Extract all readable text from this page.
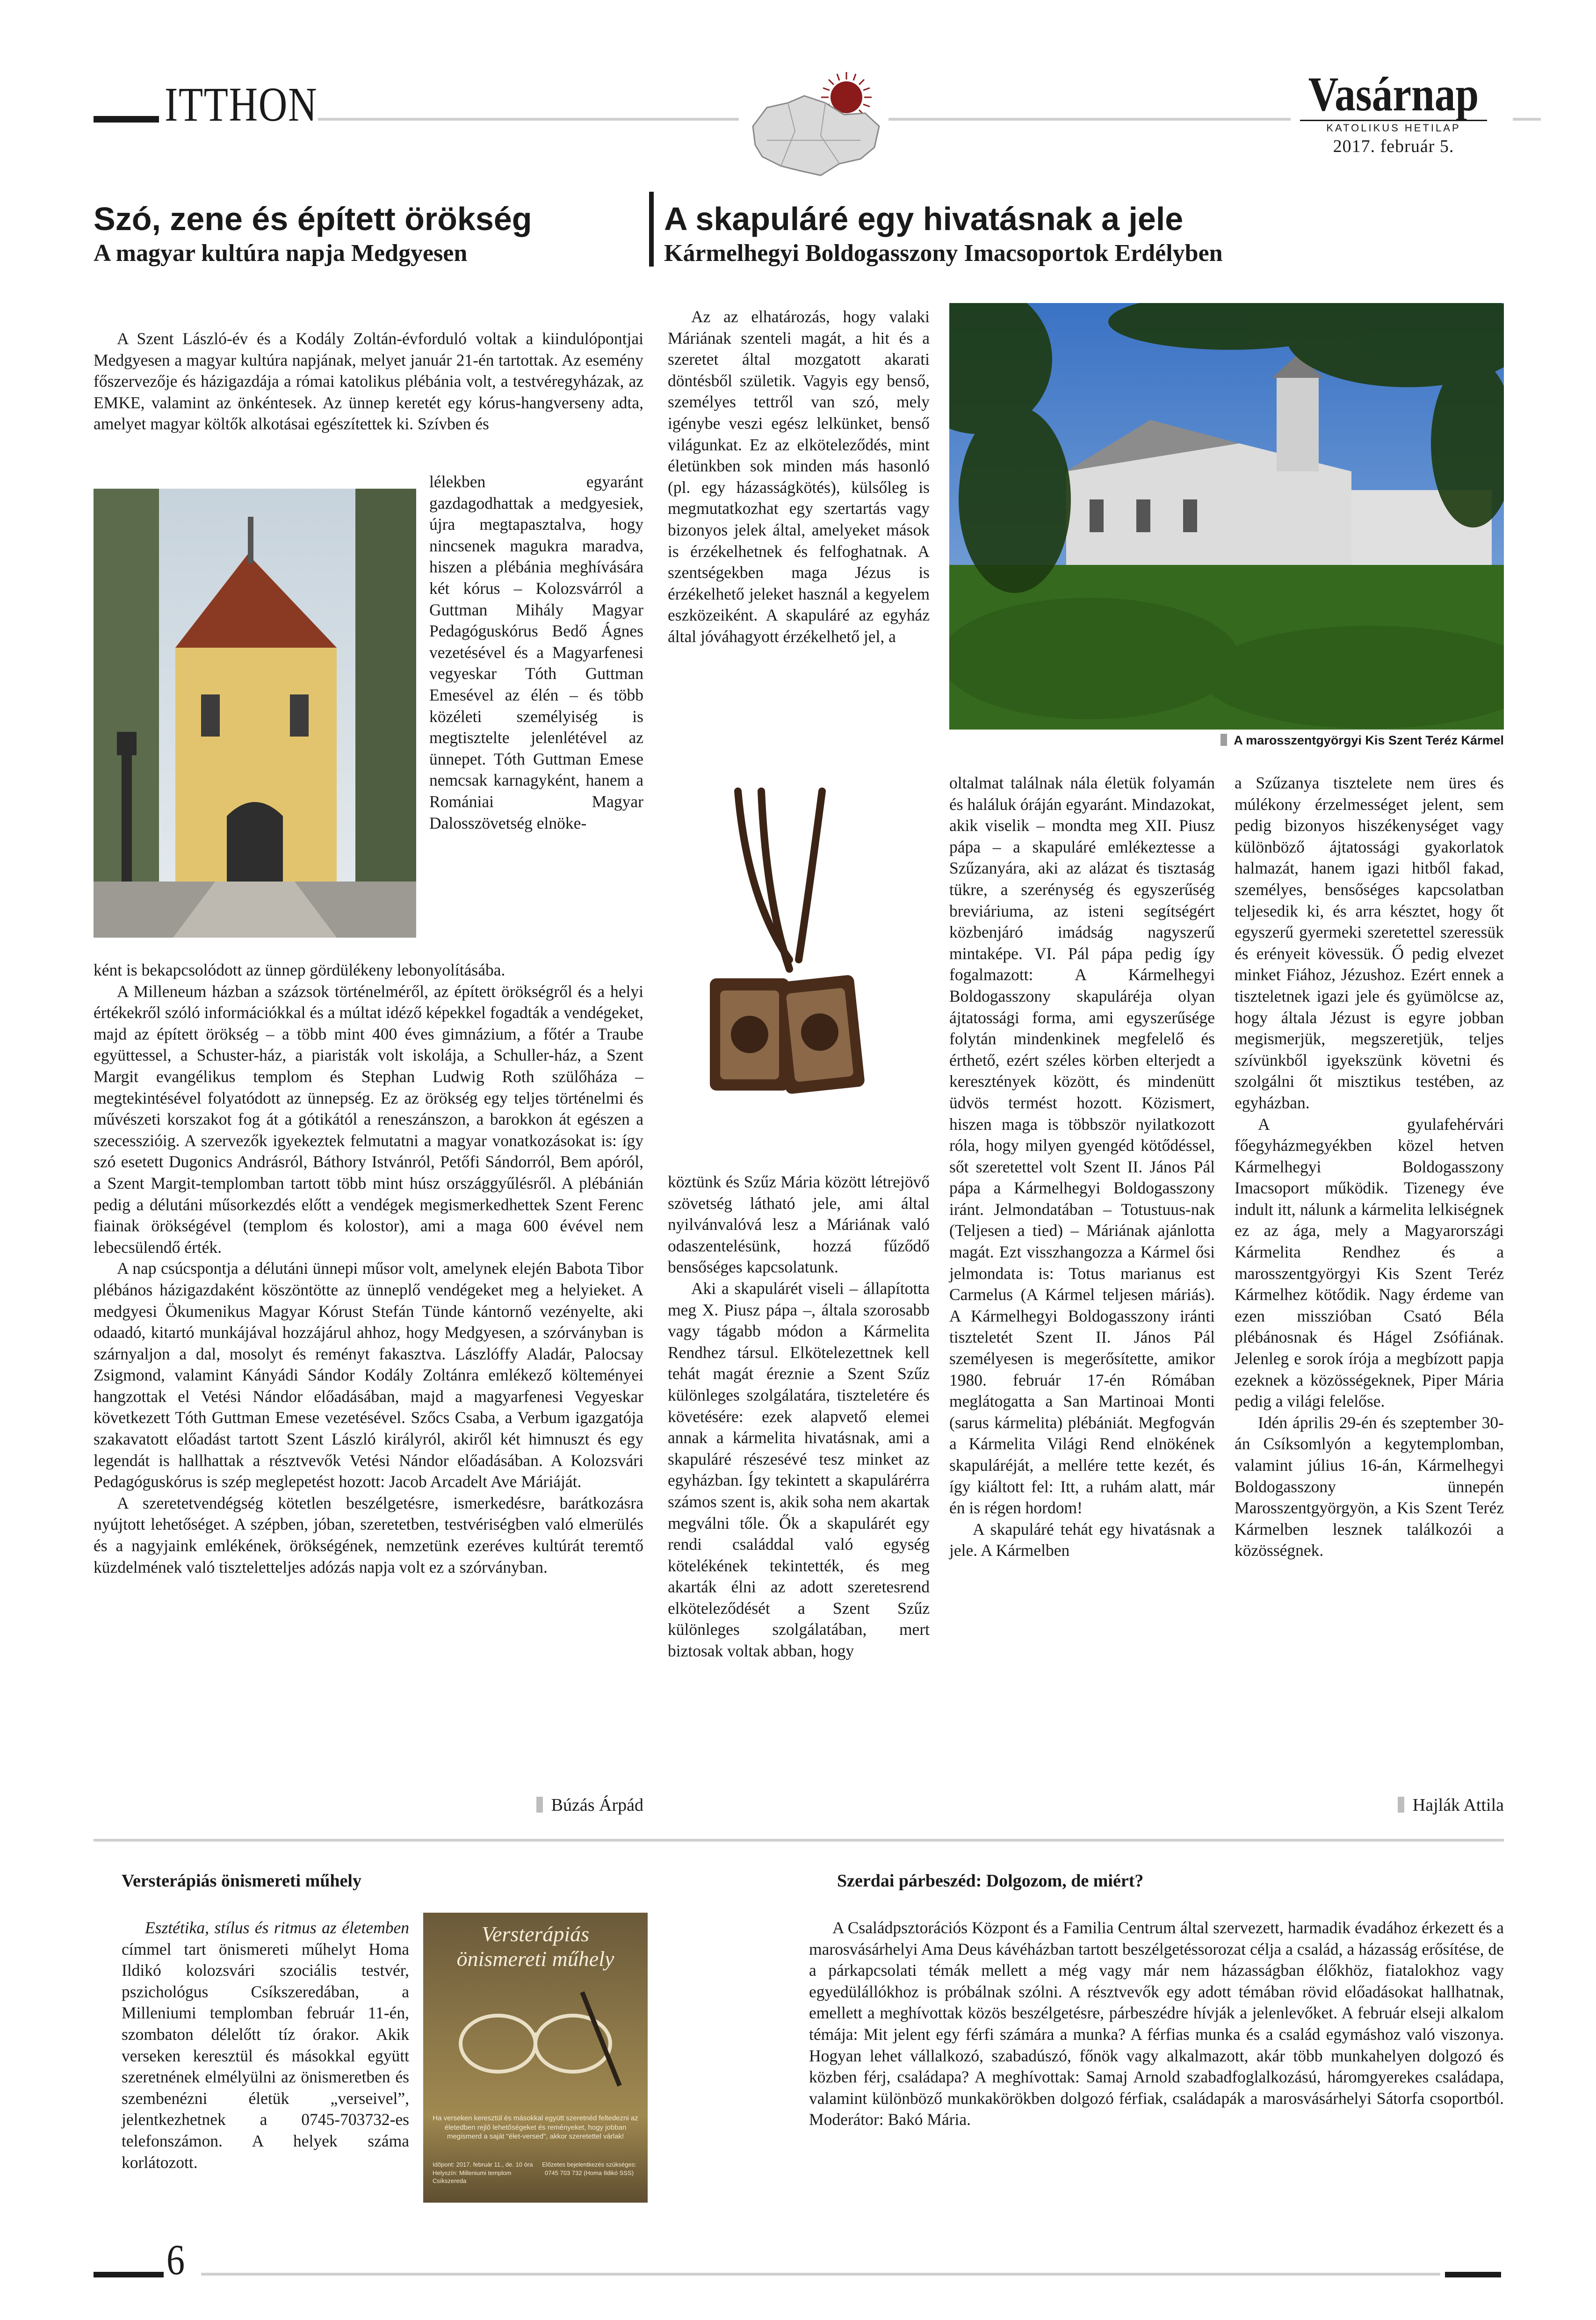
ITTHON	Vasárnap
KATOLIKUS HETILAP
2017. február 5.
Szó, zene és épített örökség
A magyar kultúra napja Medgyesen
A skapuláré egy hivatásnak a jele
Kármelhegyi Boldogasszony Imacsoportok Erdélyben

A Szent László-év és a Kodály Zoltán-évforduló voltak a kiindulópontjai Medgyesen a magyar kultúra napjának, melyet január 21-én tartottak. Az esemény főszervezője és házigazdája a római katolikus plébánia volt, a testvéregyházak, az EMKE, valamint az önkéntesek. Az ünnep keretét egy kórus-hangverseny adta, amelyet magyar költők alkotásai egészítettek ki. Szívben és

lélekben egyaránt gazdagodhattak a medgyesiek, újra megtapasztalva, hogy nincsenek magukra maradva, hiszen a plébánia meghívására két kórus – Kolozsvárról a Guttman Mihály Magyar Pedagóguskórus Bedő Ágnes vezetésével és a Magyarfenesi vegyeskar Tóth Guttman Emesével az élén – és több közéleti személyiség is megtisztelte jelenlétével az ünnepet. Tóth Guttman Emese nemcsak karnagyként, hanem a Romániai Magyar Dalosszövetség elnöke-

ként is bekapcsolódott az ünnep gördülékeny lebonyolításába.

A Milleneum házban a százsok történelméről, az épített örökségről és a helyi értékekről szóló információkkal és a múltat idéző képekkel fogadták a vendégeket, majd az épített örökség – a több mint 400 éves gimnázium, a főtér a Traube együttessel, a Schuster-ház, a piaristák volt iskolája, a Schuller-ház, a Szent Margit evangélikus templom és Stephan Ludwig Roth szülőháza – megtekintésével folyatódott az ünnepség. Ez az örökség egy teljes történelmi és művészeti korszakot fog át a gótikától a reneszánszon, a barokkon át egészen a szecesszióig. A szervezők igyekeztek felmutatni a magyar vonatkozásokat is: így szó esetett Dugonics Andrásról, Báthory Istvánról, Petőfi Sándorról, Bem apóról, a Szent Margit-templomban tartott több mint húsz országgyűlésről. A plébánián pedig a délutáni műsorkezdés előtt a vendégek megismerkedhettek Szent Ferenc fiainak örökségével (templom és kolostor), ami a maga 600 évével nem lebecsülendő érték.

A nap csúcspontja a délutáni ünnepi műsor volt, amelynek elején Babota Tibor plébános házigazdaként köszöntötte az ünneplő vendégeket meg a helyieket. A medgyesi Ökumenikus Magyar Kórust Stefán Tünde kántornő vezényelte, aki odaadó, kitartó munkájával hozzájárul ahhoz, hogy Medgyesen, a szórványban is szárnyaljon a dal, mosolyt és reményt fakasztva. Lászlóffy Aladár, Palocsay Zsigmond, valamint Kányádi Sándor Kodály Zoltánra emlékező költeményei hangzottak el Vetési Nándor előadásában, majd a magyarfenesi Vegyeskar következett Tóth Guttman Emese vezetésével. Szőcs Csaba, a Verbum igazgatója szakavatott előadást tartott Szent László királyról, akiről két himnuszt és egy legendát is hallhattak a résztvevők Vetési Nándor előadásában. A Kolozsvári Pedagóguskórus is szép meglepetést hozott: Jacob Arcadelt Ave Máriáját.

A szeretetvendégség kötetlen beszélgetésre, ismerkedésre, barátkozásra nyújtott lehetőséget. A szépben, jóban, szeretetben, testvériségben való elmerülés és a nagyjaink emlékének, örökségének, nemzetünk ezeréves kultúrát teremtő küzdelmének való tiszteletteljes adózás napja volt ez a szórványban.

Búzás Árpád

Az az elhatározás, hogy valaki Máriának szenteli magát, a hit és a szeretet által mozgatott akarati döntésből születik. Vagyis egy benső, személyes tettről van szó, mely igénybe veszi egész lelkünket, benső világunkat. Ez az elköteleződés, mint életünkben sok minden más hasonló (pl. egy házasságkötés), külsőleg is megmutatkozhat egy szertartás vagy bizonyos jelek által, amelyeket mások is érzékelhetnek és felfoghatnak. A szentségekben maga Jézus is érzékelhető jeleket használ a kegyelem eszközeiként. A skapuláré az egyház által jóváhagyott érzékelhető jel, a

A marosszentgyörgyi Kis Szent Teréz Kármel

köztünk és Szűz Mária között létrejövő szövetség látható jele, ami által nyilvánvalóvá lesz a Máriának való odaszentelésünk, hozzá fűződő bensőséges kapcsolatunk.

Aki a skapulárét viseli – állapította meg X. Piusz pápa –, általa szorosabb vagy tágabb módon a Kármelita Rendhez társul. Elkötelezettnek kell tehát magát éreznie a Szent Szűz különleges szolgálatára, tiszteletére és követésére: ezek alapvető elemei annak a kármelita hivatásnak, ami a skapuláré részesévé tesz minket az egyházban. Így tekintett a skapulárérra számos szent is, akik soha nem akartak megválni tőle. Ők a skapulárét egy rendi családdal való egység kötelékének tekintették, és meg akarták élni az adott szeretesrend elköteleződését a Szent Szűz különleges szolgálatában, mert biztosak voltak abban, hogy

oltalmat találnak nála életük folyamán és haláluk óráján egyaránt. Mindazokat, akik viselik – mondta meg XII. Piusz pápa – a skapuláré emlékeztesse a Szűzanyára, aki az alázat és tisztaság tükre, a szerénység és egyszerűség breviáriuma, az isteni segítségért közbenjáró imádság nagyszerű mintaképe. VI. Pál pápa pedig így fogalmazott: A Kármelhegyi Boldogasszony skapuláréja olyan ájtatossági forma, ami egyszerűsége folytán mindenkinek megfelelő és érthető, ezért széles körben elterjedt a keresztények között, és mindenütt üdvös termést hozott. Közismert, hiszen maga is többször nyilatkozott róla, hogy milyen gyengéd kötődéssel, sőt szeretettel volt Szent II. János Pál pápa a Kármelhegyi Boldogasszony iránt. Jelmondatában – Totustuus-nak (Teljesen a tied) – Máriának ajánlotta magát. Ezt visszhangozza a Kármel ősi jelmondata is: Totus marianus est Carmelus (A Kármel teljesen máriás). A Kármelhegyi Boldogasszony iránti tiszteletét Szent II. János Pál személyesen is megerősítette, amikor 1980. február 17-én Rómában meglátogatta a San Martinoai Monti (sarus kármelita) plébániát. Megfogván a Kármelita Világi Rend elnökének skapuláréját, a mellére tette kezét, és így kiáltott fel: Itt, a ruhám alatt, már én is régen hordom!

A skapuláré tehát egy hivatásnak a jele. A Kármelben

a Szűzanya tisztelete nem üres és múlékony érzelmességet jelent, sem pedig bizonyos hiszékenységet vagy különböző ájtatossági gyakorlatok halmazát, hanem igazi hitből fakad, személyes, bensőséges kapcsolatban teljesedik ki, és arra késztet, hogy őt egyszerű gyermeki szeretettel szeressük és erényeit kövessük. Ő pedig elvezet minket Fiához, Jézushoz. Ezért ennek a tiszteletnek igazi jele és gyümölcse az, hogy általa Jézust is egyre jobban megismerjük, megszeretjük, teljes szívünkből igyekszünk követni és szolgálni őt misztikus testében, az egyházban.

A gyulafehérvári főegyházmegyékben közel hetven Kármelhegyi Boldogasszony Imacsoport működik. Tizenegy éve indult itt, nálunk a kármelita lelkiségnek ez az ága, mely a Magyarországi Kármelita Rendhez és a marosszentgyörgyi Kis Szent Teréz Kármelhez kötődik. Nagy érdeme van ezen misszióban Csató Béla plébánosnak és Hágel Zsófiának. Jelenleg e sorok írója a megbízott papja ezeknek a közösségeknek, Piper Mária pedig a világi felelőse.

Idén április 29-én és szeptember 30-án Csíksomlyón a kegytemplomban, valamint július 16-án, Kármelhegyi Boldogasszony ünnepén Marosszentgyörgyön, a Kis Szent Teréz Kármelben lesznek találkozói a közösségnek.

Hajlák Attila
Versterápiás önismereti műhely

Esztétika, stílus és ritmus az életemben címmel tart önismereti műhelyt Homa Ildikó kolozsvári szociális testvér, pszichológus Csíkszeredában, a Milleniumi templomban február 11-én, szombaton délelőtt tíz órakor. Akik verseken keresztül és másokkal együtt szeretnének elmélyülni az önismeretben és szembenézni életük „verseivel”, jelentkezhetnek a 0745-703732-es telefonszámon. A helyek száma korlátozott.

Versterápiás
önismereti műhely
Ha verseken keresztül és másokkal együtt szeretnéd feltedezni az életedben rejlő lehetőségeket és reményeket, hogy jobban megismerd a saját "élet-versed", akkor szeretettel várlak!
Időpont: 2017. február 11., de. 10 óra
Helyszín: Milleniumi templom Csíkszereda
Előzetes bejelentkezés szükséges: 0745 703 732 (Homa Ildikó SSS)
Szerdai párbeszéd: Dolgozom, de miért?

A Családpsztorációs Központ és a Familia Centrum által szervezett, harmadik évadához érkezett és a marosvásárhelyi Ama Deus kávéházban tartott beszélgetéssorozat célja a család, a házasság erősítése, de a párkapcsolati témák mellett a még vagy már nem házasságban élőkhöz, fiatalokhoz vagy egyedülállókhoz is próbálnak szólni. A résztvevők egy adott témában rövid előadásokat hallhatnak, emellett a meghívottak közös beszélgetésre, párbeszédre hívják a jelenlevőket. A február elseji alkalom témája: Mit jelent egy férfi számára a munka? A férfias munka és a család egymáshoz való viszonya. Hogyan lehet vállalkozó, szabadúszó, főnök vagy alkalmazott, akár több munkahelyen dolgozó és közben férj, családapa? A meghívottak: Samaj Arnold szabadfoglalkozású, háromgyerekes családapa, valamint különböző munkakörökben dolgozó férfiak, családapák a marosvásárhelyi Sátorfa csoportból. Moderátor: Bakó Mária.

6
